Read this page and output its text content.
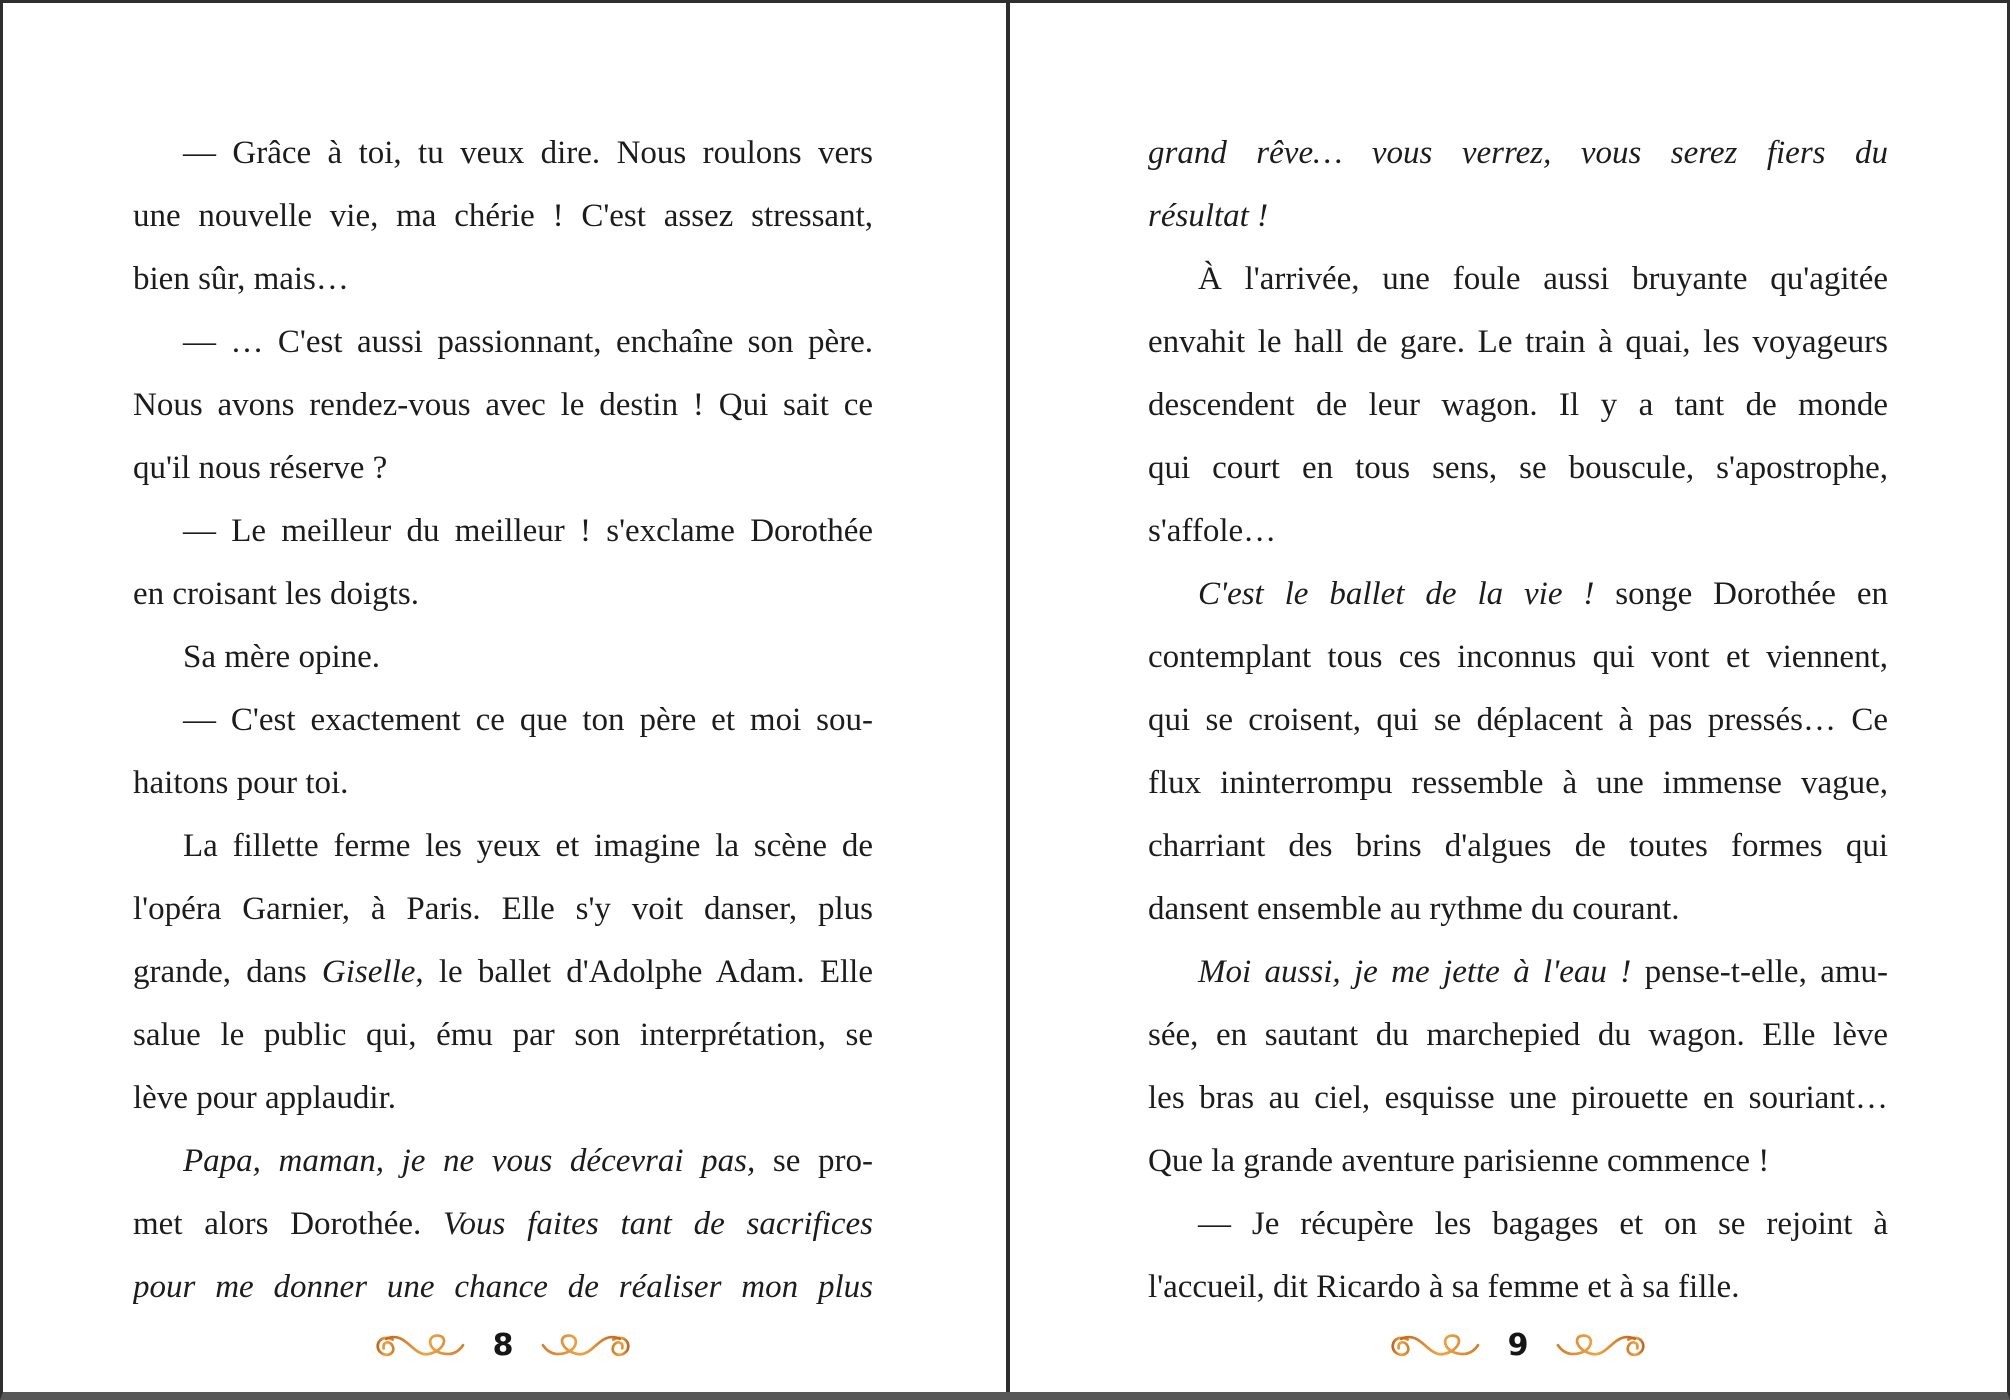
— Grâce à toi, tu veux dire. Nous roulons vers
une nouvelle vie, ma chérie ! C'est assez stressant,
bien sûr, mais…
— … C'est aussi passionnant, enchaîne son père.
Nous avons rendez-vous avec le destin ! Qui sait ce
qu'il nous réserve ?
— Le meilleur du meilleur ! s'exclame Dorothée
en croisant les doigts.
Sa mère opine.
— C'est exactement ce que ton père et moi sou-
haitons pour toi.
La fillette ferme les yeux et imagine la scène de
l'opéra Garnier, à Paris. Elle s'y voit danser, plus
grande, dans Giselle, le ballet d'Adolphe Adam. Elle
salue le public qui, ému par son interprétation, se
lève pour applaudir.
Papa, maman, je ne vous décevrai pas, se pro-
met alors Dorothée. Vous faites tant de sacrifices
pour me donner une chance de réaliser mon plus
8
grand rêve… vous verrez, vous serez fiers du
résultat !
À l'arrivée, une foule aussi bruyante qu'agitée
envahit le hall de gare. Le train à quai, les voyageurs
descendent de leur wagon. Il y a tant de monde
qui court en tous sens, se bouscule, s'apostrophe,
s'affole…
C'est le ballet de la vie ! songe Dorothée en
contemplant tous ces inconnus qui vont et viennent,
qui se croisent, qui se déplacent à pas pressés… Ce
flux ininterrompu ressemble à une immense vague,
charriant des brins d'algues de toutes formes qui
dansent ensemble au rythme du courant.
Moi aussi, je me jette à l'eau ! pense-t-elle, amu-
sée, en sautant du marchepied du wagon. Elle lève
les bras au ciel, esquisse une pirouette en souriant…
Que la grande aventure parisienne commence !
— Je récupère les bagages et on se rejoint à
l'accueil, dit Ricardo à sa femme et à sa fille.
9
